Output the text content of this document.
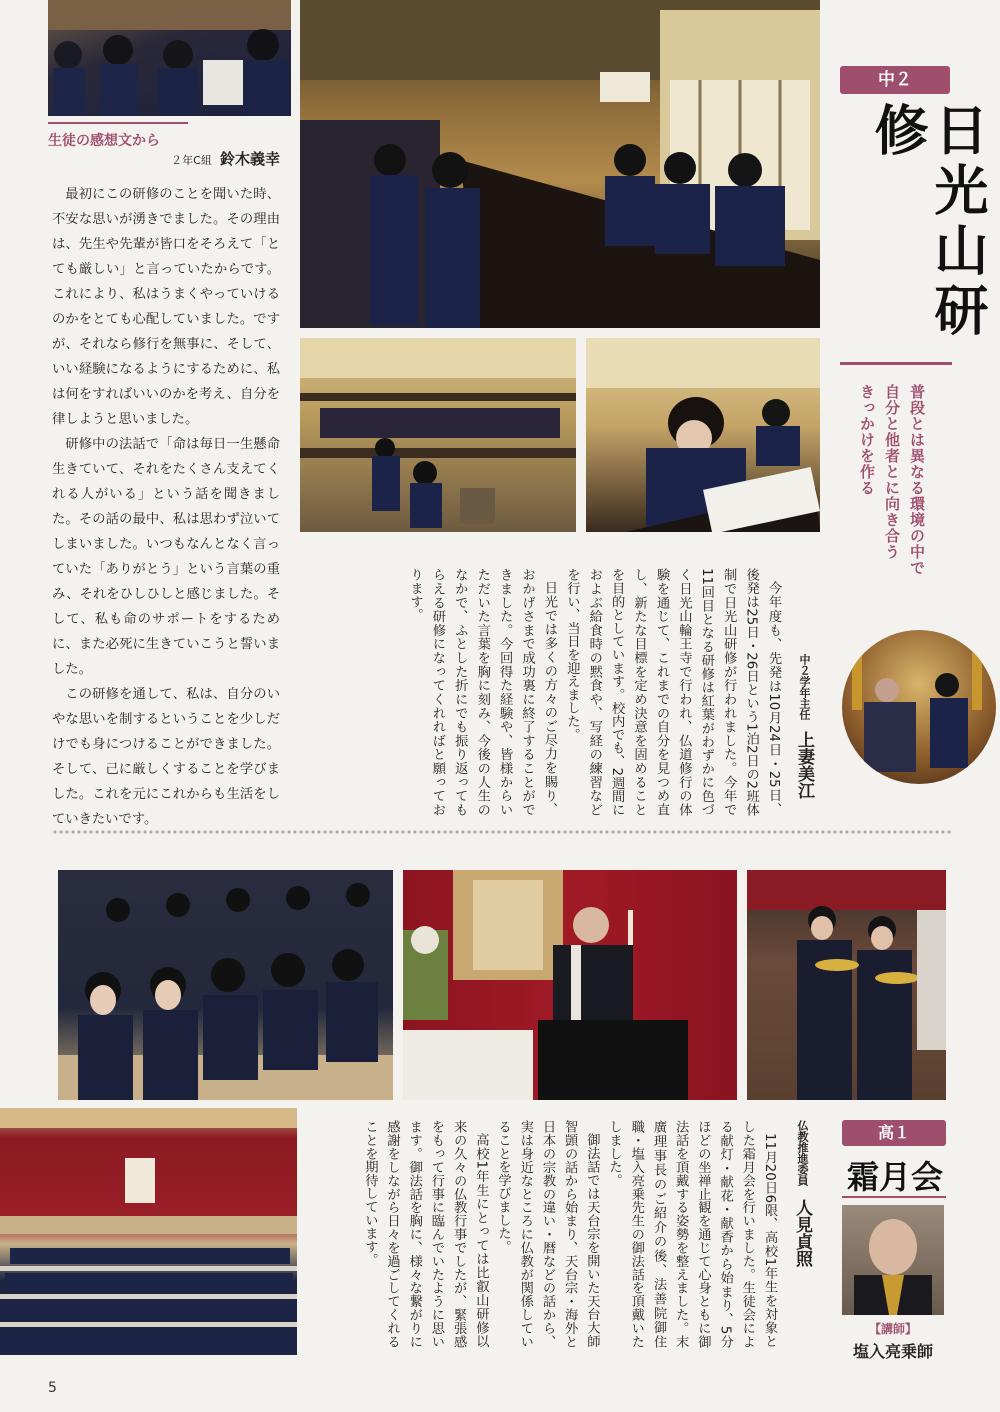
中２
日光山研修
普段とは異なる環境の中で
自分と他者とに向き合う
きっかけを作る
生徒の感想文から
２年C組 鈴木義幸

最初にこの研修のことを聞いた時、不安な思いが湧きでました。その理由は、先生や先輩が皆口をそろえて「とても厳しい」と言っていたからです。これにより、私はうまくやっていけるのかをとても心配していました。ですが、それなら修行を無事に、そして、いい経験になるようにするために、私は何をすればいいのかを考え、自分を律しようと思いました。

研修中の法話で「命は毎日一生懸命生きていて、それをたくさん支えてくれる人がいる」という話を聞きました。その話の最中、私は思わず泣いてしまいました。いつもなんとなく言っていた「ありがとう」という言葉の重み、それをひしひしと感じました。そして、私も命のサポートをするために、また必死に生きていこうと誓いました。

この研修を通して、私は、自分のいやな思いを制するということを少しだけでも身につけることができました。そして、己に厳しくすることを学びました。これを元にこれからも生活をしていきたいです。

中２学年主任 上妻美江

今年度も、先発は10月24日・25日、後発は25日・26日という1泊2日の2班体制で日光山研修が行われました。今年で11回目となる研修は紅葉がわずかに色づく日光山輪王寺で行われ、仏道修行の体験を通じて、これまでの自分を見つめ直し、新たな目標を定め決意を固めることを目的としています。校内でも、2週間におよぶ給食時の黙食や、写経の練習などを行い、当日を迎えました。

日光では多くの方々のご尽力を賜り、おかげさまで成功裏に終了することができました。今回得た経験や、皆様からいただいた言葉を胸に刻み、今後の人生のなかで、ふとした折にでも振り返ってもらえる研修になってくれればと願っております。

高１
霜月会
【講師】
塩入亮乗師
仏教推進委員 人見貞照

11月20日6限、高校1年生を対象とした霜月会を行いました。生徒会による献灯・献花・献香から始まり、5分ほどの坐禅止観を通じて心身ともに御法話を頂戴する姿勢を整えました。末廣理事長のご紹介の後、法善院御住職・塩入亮乗先生の御法話を頂戴いたしました。

御法話では天台宗を開いた天台大師智顗の話から始まり、天台宗・海外と日本の宗教の違い・暦などの話から、実は身近なところに仏教が関係していることを学びました。

高校1年生にとっては比叡山研修以来の久々の仏教行事でしたが、緊張感をもって行事に臨んでいたように思います。御法話を胸に、様々な繋がりに感謝をしながら日々を過ごしてくれることを期待しています。

5
